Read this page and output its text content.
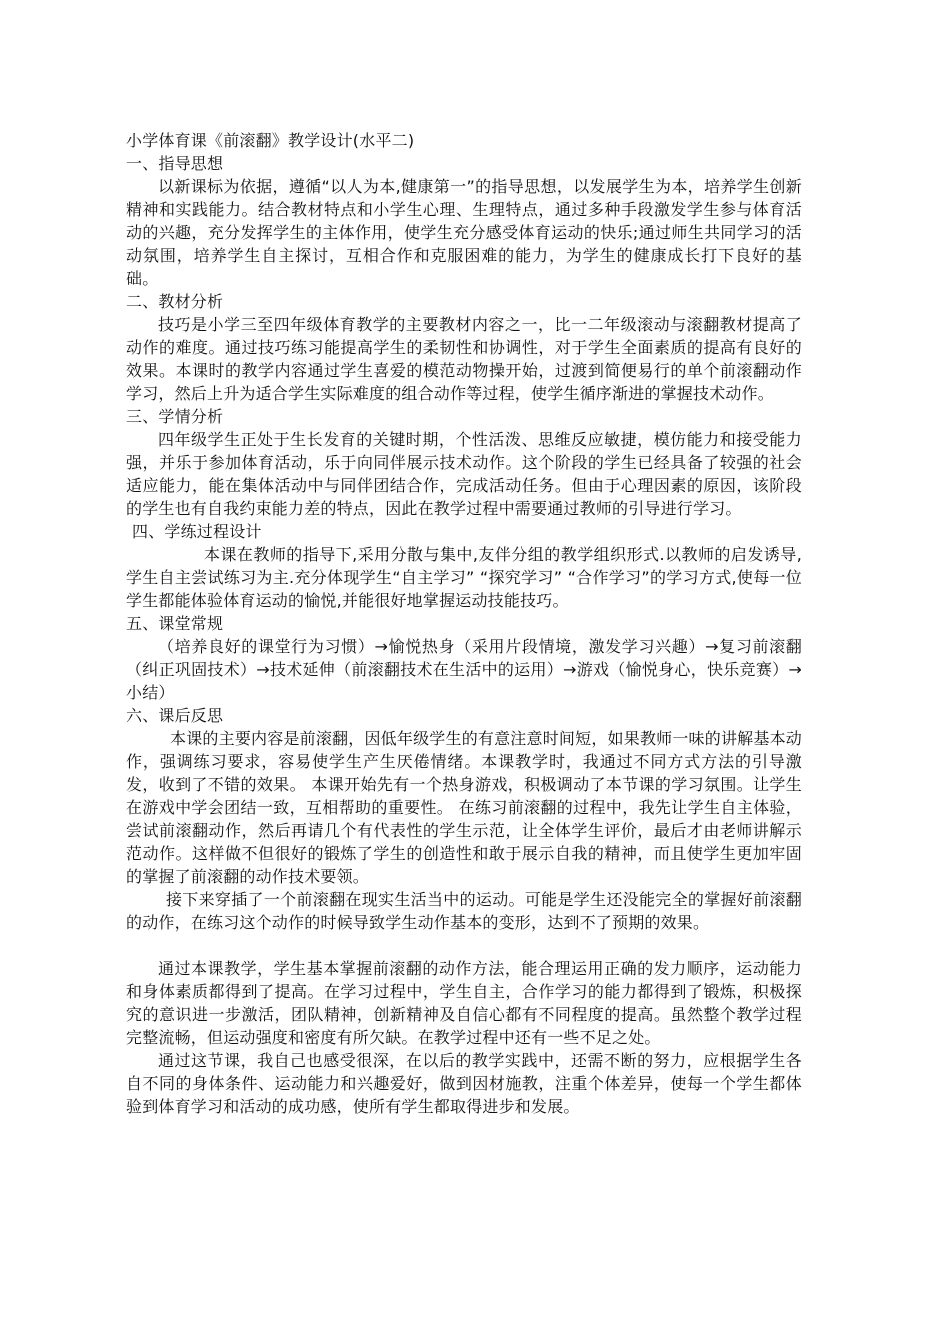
小学体育课《前滚翻》教学设计(水平二)

一、指导思想

以新课标为依据，遵循“以人为本,健康第一”的指导思想，以发展学生为本，培养学生创新精神和实践能力。结合教材特点和小学生心理、生理特点，通过多种手段激发学生参与体育活动的兴趣，充分发挥学生的主体作用，使学生充分感受体育运动的快乐;通过师生共同学习的活动氛围，培养学生自主探讨，互相合作和克服困难的能力，为学生的健康成长打下良好的基础。

二、教材分析

技巧是小学三至四年级体育教学的主要教材内容之一，比一二年级滚动与滚翻教材提高了动作的难度。通过技巧练习能提高学生的柔韧性和协调性，对于学生全面素质的提高有良好的效果。本课时的教学内容通过学生喜爱的模范动物操开始，过渡到简便易行的单个前滚翻动作学习，然后上升为适合学生实际难度的组合动作等过程，使学生循序渐进的掌握技术动作。

三、学情分析

四年级学生正处于生长发育的关键时期，个性活泼、思维反应敏捷，模仿能力和接受能力强，并乐于参加体育活动，乐于向同伴展示技术动作。这个阶段的学生已经具备了较强的社会适应能力，能在集体活动中与同伴团结合作，完成活动任务。但由于心理因素的原因，该阶段的学生也有自我约束能力差的特点，因此在教学过程中需要通过教师的引导进行学习。

四、学练过程设计

本课在教师的指导下,采用分散与集中,友伴分组的教学组织形式.以教师的启发诱导,学生自主尝试练习为主.充分体现学生“自主学习” “探究学习” “合作学习”的学习方式,使每一位学生都能体验体育运动的愉悦,并能很好地掌握运动技能技巧。

五、课堂常规

（培养良好的课堂行为习惯）→愉悦热身（采用片段情境，激发学习兴趣）→复习前滚翻（纠正巩固技术）→技术延伸（前滚翻技术在生活中的运用）→游戏（愉悦身心，快乐竞赛）→小结）

六、课后反思

本课的主要内容是前滚翻，因低年级学生的有意注意时间短，如果教师一味的讲解基本动作，强调练习要求，容易使学生产生厌倦情绪。本课教学时，我通过不同方式方法的引导激发，收到了不错的效果。 本课开始先有一个热身游戏，积极调动了本节课的学习氛围。让学生在游戏中学会团结一致，互相帮助的重要性。 在练习前滚翻的过程中，我先让学生自主体验，尝试前滚翻动作，然后再请几个有代表性的学生示范，让全体学生评价，最后才由老师讲解示范动作。这样做不但很好的锻炼了学生的创造性和敢于展示自我的精神，而且使学生更加牢固的掌握了前滚翻的动作技术要领。

接下来穿插了一个前滚翻在现实生活当中的运动。可能是学生还没能完全的掌握好前滚翻的动作，在练习这个动作的时候导致学生动作基本的变形，达到不了预期的效果。

通过本课教学，学生基本掌握前滚翻的动作方法，能合理运用正确的发力顺序，运动能力和身体素质都得到了提高。在学习过程中，学生自主，合作学习的能力都得到了锻炼，积极探究的意识进一步激活，团队精神，创新精神及自信心都有不同程度的提高。虽然整个教学过程完整流畅，但运动强度和密度有所欠缺。在教学过程中还有一些不足之处。

通过这节课，我自己也感受很深，在以后的教学实践中，还需不断的努力，应根据学生各自不同的身体条件、运动能力和兴趣爱好，做到因材施教，注重个体差异，使每一个学生都体验到体育学习和活动的成功感，使所有学生都取得进步和发展。
